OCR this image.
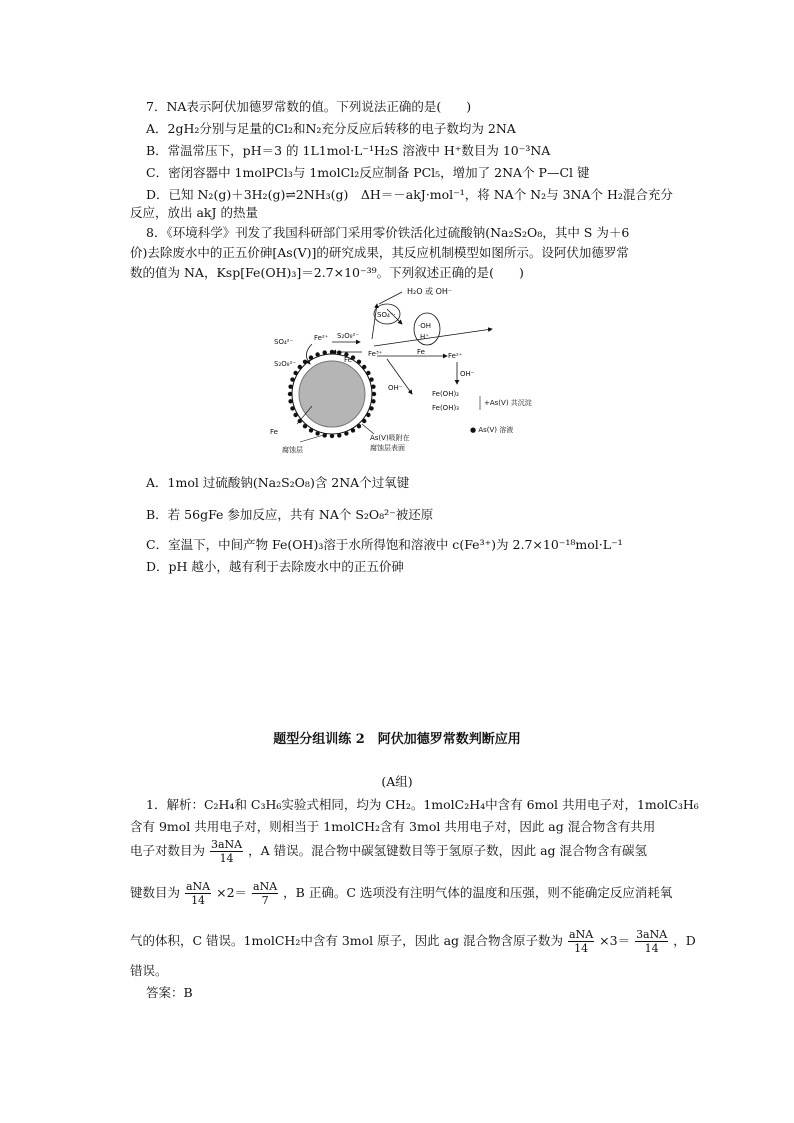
7．NA表示阿伏加德罗常数的值。下列说法正确的是(　　)
A．2gH₂分别与足量的Cl₂和N₂充分反应后转移的电子数均为 2NA
B．常温常压下，pH＝3 的 1L1mol·L⁻¹H₂S 溶液中 H⁺数目为 10⁻³NA
C．密闭容器中 1molPCl₃与 1molCl₂反应制备 PCl₅，增加了 2NA个 P—Cl 键
D．已知 N₂(g)＋3H₂(g)⇌2NH₃(g)　ΔH＝－akJ·mol⁻¹，将 NA个 N₂与 3NA个 H₂混合充分
反应，放出 akJ 的热量
8．《环境科学》刊发了我国科研部门采用零价铁活化过硫酸钠(Na₂S₂O₈，其中 S 为＋6
价)去除废水中的正五价砷[As(Ⅴ)]的研究成果，其反应机制模型如图所示。设阿伏加德罗常
数的值为 NA，Ksp[Fe(OH)₃]＝2.7×10⁻³⁹。下列叙述正确的是(　　)
H₂O 或 OH⁻
SO₄⁻·
·OH
H⁺
SO₄²⁻
S₂O₈²⁻
Fe²⁺ S₂O₈²⁻
Fe
Fe³⁺	Fe	Fe²⁺
OH⁻
OH⁻
Fe(OH)₂
Fe(OH)₃
+As(Ⅴ) 共沉淀
● As(Ⅴ) 溶液
Fe
As(Ⅴ)吸附在
腐蚀层表面
腐蚀层
A．1mol 过硫酸钠(Na₂S₂O₈)含 2NA个过氧键
B．若 56gFe 参加反应，共有 NA个 S₂O₈²⁻被还原
C．室温下，中间产物 Fe(OH)₃溶于水所得饱和溶液中 c(Fe³⁺)为 2.7×10⁻¹⁸mol·L⁻¹
D．pH 越小，越有利于去除废水中的正五价砷
题型分组训练 2　阿伏加德罗常数判断应用
(A组)
1．解析：C₂H₄和 C₃H₆实验式相同，均为 CH₂。1molC₂H₄中含有 6mol 共用电子对，1molC₃H₆
含有 9mol 共用电子对，则相当于 1molCH₂含有 3mol 共用电子对，因此 ag 混合物含有共用
电子对数目为 $\frac{\text{3aNA}}{14}$ ，A 错误。混合物中碳氢键数目等于氢原子数，因此 ag 混合物含有碳氢
键数目为 $\frac{\text{aNA}}{14} \times 2= \frac{\text{aNA}}{7}$ ，B 正确。C 选项没有注明气体的温度和压强，则不能确定反应消耗氧
气的体积，C 错误。1molCH₂中含有 3mol 原子，因此 ag 混合物含原子数为 $\frac{\text{aNA}}{14} \times 3= \frac{\text{3aNA}}{14}$ ，D
错误。
答案：B
